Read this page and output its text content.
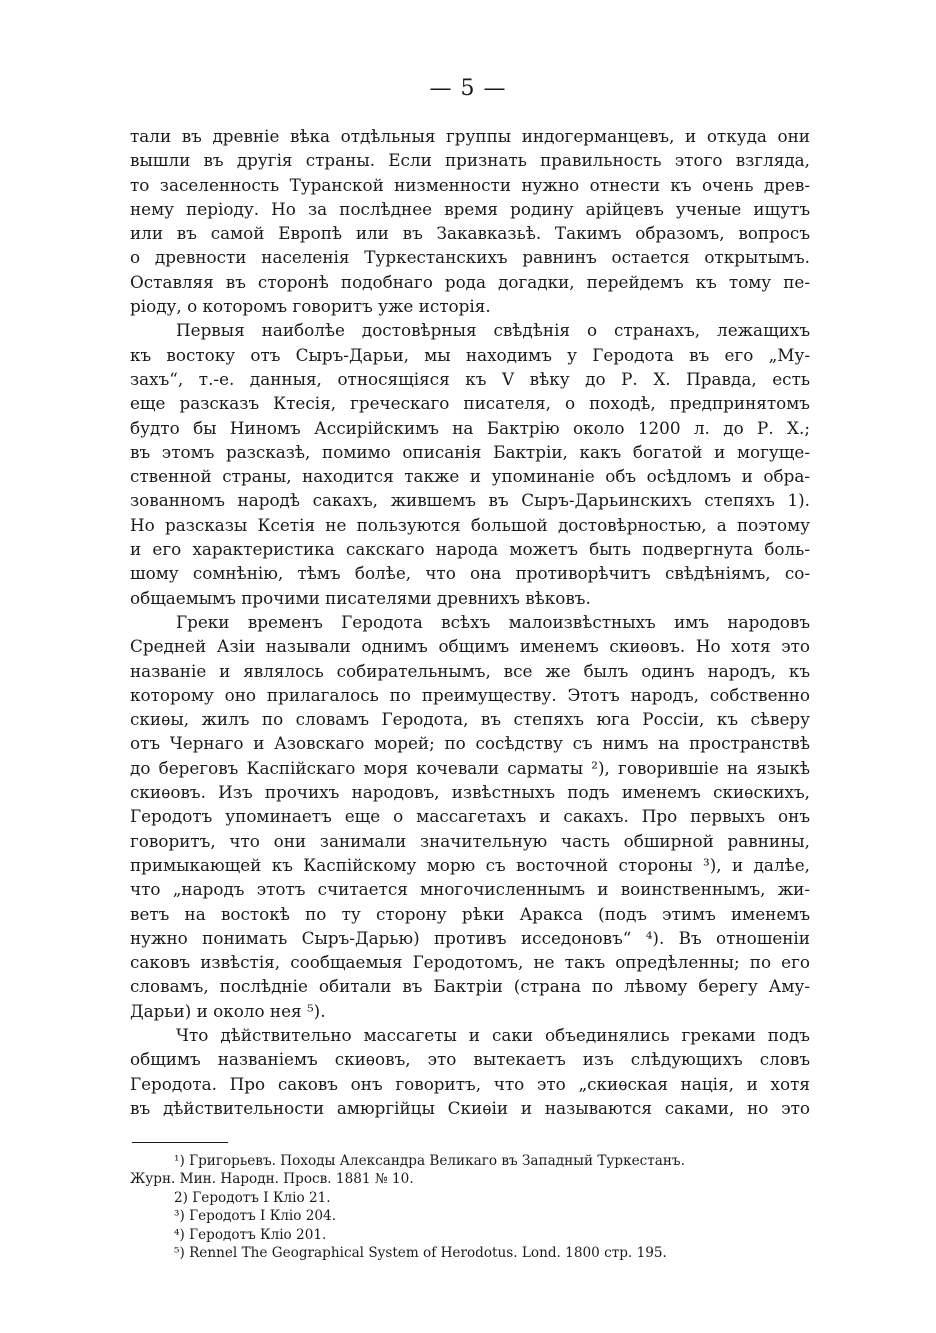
— 5 —
тали въ древніе вѣка отдѣльныя группы индогерманцевъ, и откуда они
вышли въ другія страны. Если признать правильность этого взгляда,
то заселенность Туранской низменности нужно отнести къ очень древ-
нему періоду. Но за послѣднее время родину арійцевъ ученые ищутъ
или въ самой Европѣ или въ Закавказьѣ. Такимъ образомъ, вопросъ
о древности населенія Туркестанскихъ равнинъ остается открытымъ.
Оставляя въ сторонѣ подобнаго рода догадки, перейдемъ къ тому пе-
ріоду, о которомъ говоритъ уже исторія.
Первыя наиболѣе достовѣрныя свѣдѣнія о странахъ, лежащихъ
къ востоку отъ Сыръ-Дарьи, мы находимъ у Геродота въ его „Му-
захъ“, т.-е. данныя, относящіяся къ V вѣку до Р. Х. Правда, есть
еще разсказъ Ктесія, греческаго писателя, о походѣ, предпринятомъ
будто бы Ниномъ Ассирійскимъ на Бактрію около 1200 л. до Р. Х.;
въ этомъ разсказѣ, помимо описанія Бактріи, какъ богатой и могуще-
ственной страны, находится также и упоминаніе объ осѣдломъ и обра-
зованномъ народѣ сакахъ, жившемъ въ Сыръ-Дарьинскихъ степяхъ 1).
Но разсказы Ксетія не пользуются большой достовѣрностью, а поэтому
и его характеристика сакскаго народа можетъ быть подвергнута боль-
шому сомнѣнію, тѣмъ болѣе, что она противорѣчитъ свѣдѣніямъ, со-
общаемымъ прочими писателями древнихъ вѣковъ.
Греки временъ Геродота всѣхъ малоизвѣстныхъ имъ народовъ
Средней Азіи называли однимъ общимъ именемъ скиѳовъ. Но хотя это
названіе и являлось собирательнымъ, все же былъ одинъ народъ, къ
которому оно прилагалось по преимуществу. Этотъ народъ, собственно
скиѳы, жилъ по словамъ Геродота, въ степяхъ юга Россіи, къ сѣверу
отъ Чернаго и Азовскаго морей; по сосѣдству съ нимъ на пространствѣ
до береговъ Каспійскаго моря кочевали сарматы ²), говорившіе на языкѣ
скиѳовъ. Изъ прочихъ народовъ, извѣстныхъ подъ именемъ скиѳскихъ,
Геродотъ упоминаетъ еще о массагетахъ и сакахъ. Про первыхъ онъ
говоритъ, что они занимали значительную часть обширной равнины,
примыкающей къ Каспійскому морю съ восточной стороны ³), и далѣе,
что „народъ этотъ считается многочисленнымъ и воинственнымъ, жи-
ветъ на востокѣ по ту сторону рѣки Аракса (подъ этимъ именемъ
нужно понимать Сыръ-Дарью) противъ исседоновъ“ ⁴). Въ отношеніи
саковъ извѣстія, сообщаемыя Геродотомъ, не такъ опредѣленны; по его
словамъ, послѣдніе обитали въ Бактріи (страна по лѣвому берегу Аму-
Дарьи) и около нея ⁵).
Что дѣйствительно массагеты и саки объединялись греками подъ
общимъ названіемъ скиѳовъ, это вытекаетъ изъ слѣдующихъ словъ
Геродота. Про саковъ онъ говоритъ, что это „скиѳская нація, и хотя
въ дѣйствительности амюргійцы Скиѳіи и называются саками, но это
¹) Григорьевъ. Походы Александра Великаго въ Западный Туркестанъ.
Журн. Мин. Народн. Просв. 1881 № 10.
2) Геродотъ I Кліо 21.
³) Геродотъ I Кліо 204.
⁴) Геродотъ Кліо 201.
⁵) Rennel The Geographical System of Herodotus. Lond. 1800 стр. 195.
